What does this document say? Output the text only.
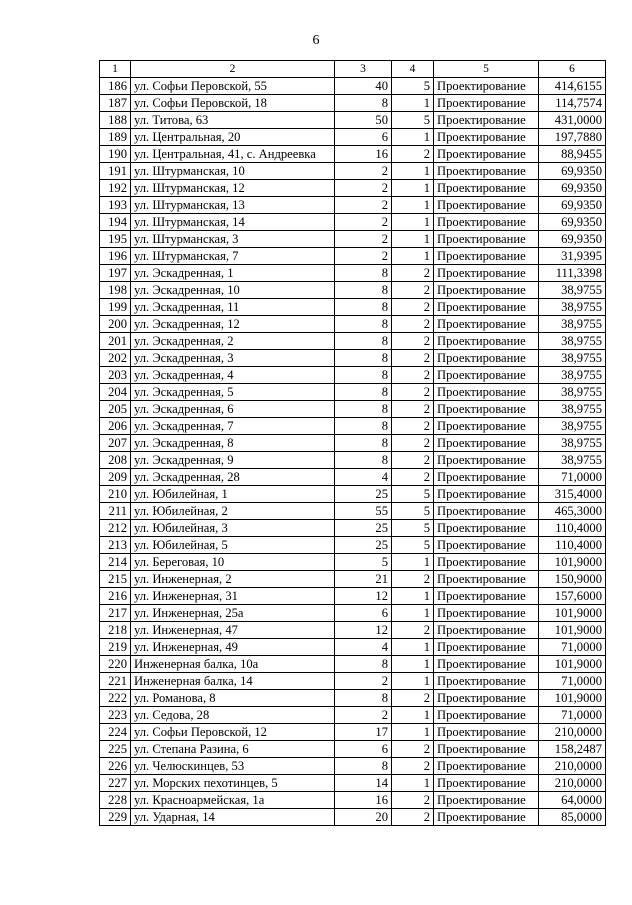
6
1	2	3	4	5	6
186	ул. Софьи Перовской, 55	40	5	Проектирование	414,6155
187	ул. Софьи Перовской, 18	8	1	Проектирование	114,7574
188	ул. Титова, 63	50	5	Проектирование	431,0000
189	ул. Центральная, 20	6	1	Проектирование	197,7880
190	ул. Центральная, 41, с. Андреевка	16	2	Проектирование	88,9455
191	ул. Штурманская, 10	2	1	Проектирование	69,9350
192	ул. Штурманская, 12	2	1	Проектирование	69,9350
193	ул. Штурманская, 13	2	1	Проектирование	69,9350
194	ул. Штурманская, 14	2	1	Проектирование	69,9350
195	ул. Штурманская, 3	2	1	Проектирование	69,9350
196	ул. Штурманская, 7	2	1	Проектирование	31,9395
197	ул. Эскадренная, 1	8	2	Проектирование	111,3398
198	ул. Эскадренная, 10	8	2	Проектирование	38,9755
199	ул. Эскадренная, 11	8	2	Проектирование	38,9755
200	ул. Эскадренная, 12	8	2	Проектирование	38,9755
201	ул. Эскадренная, 2	8	2	Проектирование	38,9755
202	ул. Эскадренная, 3	8	2	Проектирование	38,9755
203	ул. Эскадренная, 4	8	2	Проектирование	38,9755
204	ул. Эскадренная, 5	8	2	Проектирование	38,9755
205	ул. Эскадренная, 6	8	2	Проектирование	38,9755
206	ул. Эскадренная, 7	8	2	Проектирование	38,9755
207	ул. Эскадренная, 8	8	2	Проектирование	38,9755
208	ул. Эскадренная, 9	8	2	Проектирование	38,9755
209	ул. Эскадренная, 28	4	2	Проектирование	71,0000
210	ул. Юбилейная, 1	25	5	Проектирование	315,4000
211	ул. Юбилейная, 2	55	5	Проектирование	465,3000
212	ул. Юбилейная, 3	25	5	Проектирование	110,4000
213	ул. Юбилейная, 5	25	5	Проектирование	110,4000
214	ул. Береговая, 10	5	1	Проектирование	101,9000
215	ул. Инженерная, 2	21	2	Проектирование	150,9000
216	ул. Инженерная, 31	12	1	Проектирование	157,6000
217	ул. Инженерная, 25а	6	1	Проектирование	101,9000
218	ул. Инженерная, 47	12	2	Проектирование	101,9000
219	ул. Инженерная, 49	4	1	Проектирование	71,0000
220	Инженерная балка, 10а	8	1	Проектирование	101,9000
221	Инженерная балка, 14	2	1	Проектирование	71,0000
222	ул. Романова, 8	8	2	Проектирование	101,9000
223	ул. Седова, 28	2	1	Проектирование	71,0000
224	ул. Софьи Перовской, 12	17	1	Проектирование	210,0000
225	ул. Степана Разина, 6	6	2	Проектирование	158,2487
226	ул. Челюскинцев, 53	8	2	Проектирование	210,0000
227	ул. Морских пехотинцев, 5	14	1	Проектирование	210,0000
228	ул. Красноармейская, 1а	16	2	Проектирование	64,0000
229	ул. Ударная, 14	20	2	Проектирование	85,0000
